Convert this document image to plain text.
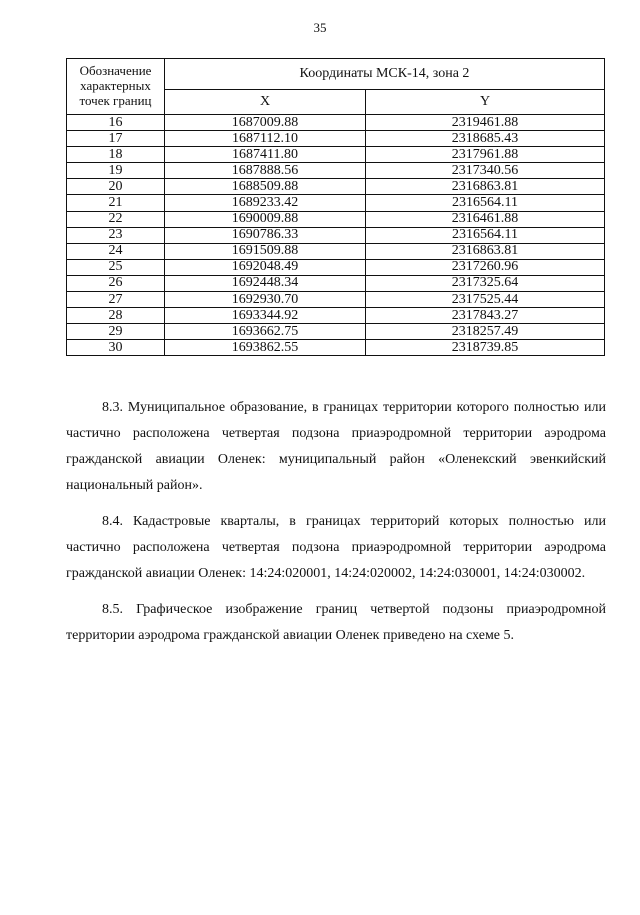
35
Обозначение характерных точек границ	Координаты МСК-14, зона 2	
	X	Y
16	1687009.88	2319461.88
17	1687112.10	2318685.43
18	1687411.80	2317961.88
19	1687888.56	2317340.56
20	1688509.88	2316863.81
21	1689233.42	2316564.11
22	1690009.88	2316461.88
23	1690786.33	2316564.11
24	1691509.88	2316863.81
25	1692048.49	2317260.96
26	1692448.34	2317325.64
27	1692930.70	2317525.44
28	1693344.92	2317843.27
29	1693662.75	2318257.49
30	1693862.55	2318739.85

8.3. Муниципальное образование, в границах территории которого полностью или частично расположена четвертая подзона приаэродромной территории аэродрома гражданской авиации Оленек: муниципальный район «Оленекский эвенкийский национальный район».

8.4. Кадастровые кварталы, в границах территорий которых полностью или частично расположена четвертая подзона приаэродромной территории аэродрома гражданской авиации Оленек: 14:24:020001, 14:24:020002, 14:24:030001, 14:24:030002.

8.5. Графическое изображение границ четвертой подзоны приаэродромной территории аэродрома гражданской авиации Оленек приведено на схеме 5.
